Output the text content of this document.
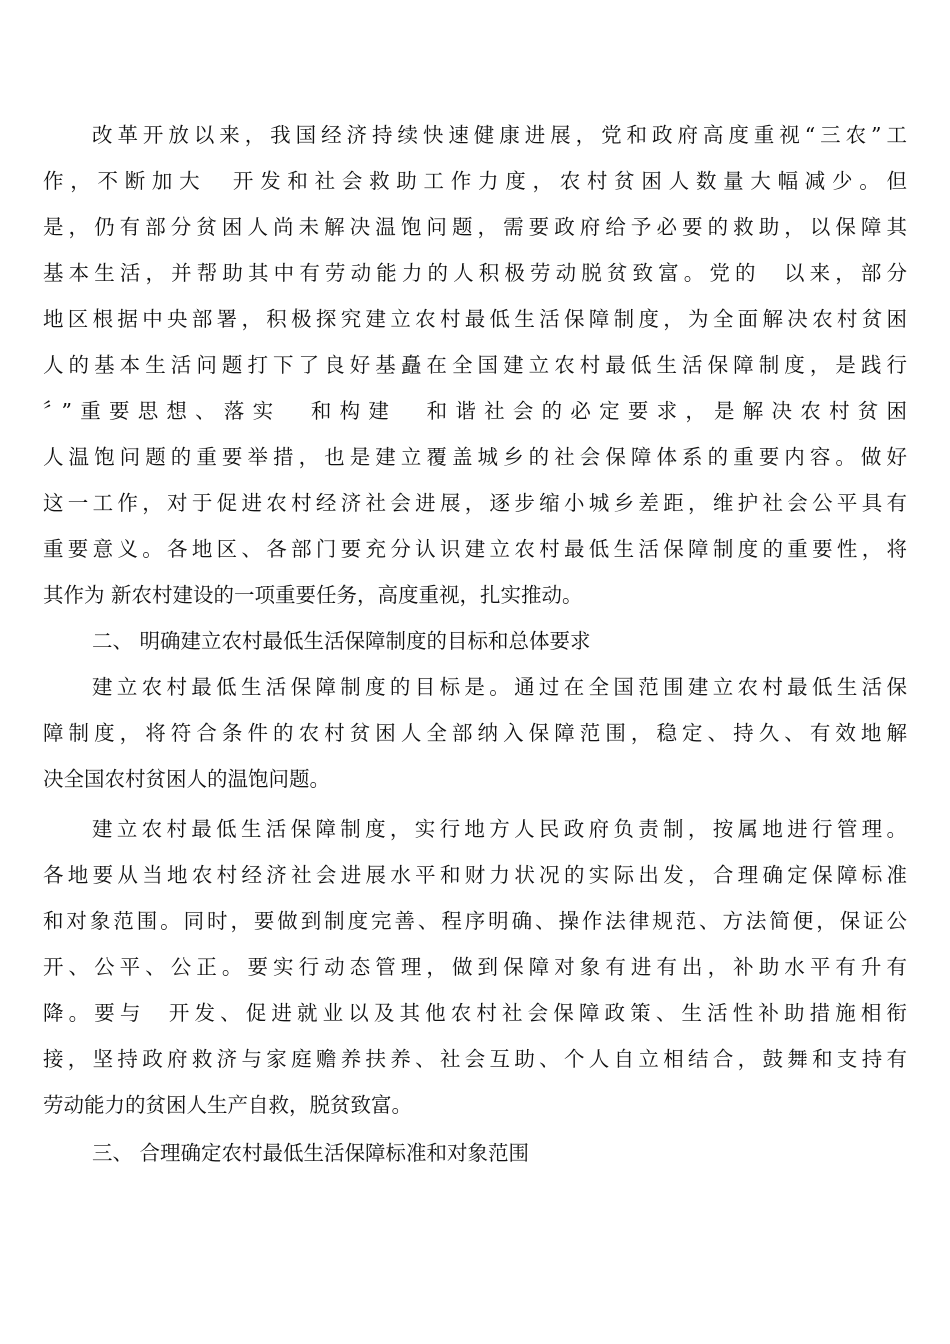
改革开放以来，我国经济持续快速健康进展，党和政府高度重视“三农”工
作，不断加大  开发和社会救助工作力度，农村贫困人数量大幅减少。但
是，仍有部分贫困人尚未解决温饱问题，需要政府给予必要的救助，以保障其
基本生活，并帮助其中有劳动能力的人积极劳动脱贫致富。党的  以来，部分
地区根据中央部署，积极探究建立农村最低生活保障制度，为全面解决农村贫困
人的基本生活问题打下了良好基矗在全国建立农村最低生活保障制度，是践行
〞”重要思想、落实  和构建  和谐社会的必定要求，是解决农村贫困
人温饱问题的重要举措，也是建立覆盖城乡的社会保障体系的重要内容。做好
这一工作，对于促进农村经济社会进展，逐步缩小城乡差距，维护社会公平具有
重要意义。各地区、各部门要充分认识建立农村最低生活保障制度的重要性，将
其作为 新农村建设的一项重要任务，高度重视，扎实推动。
二、 明确建立农村最低生活保障制度的目标和总体要求
建立农村最低生活保障制度的目标是。通过在全国范围建立农村最低生活保
障制度，将符合条件的农村贫困人全部纳入保障范围，稳定、持久、有效地解
决全国农村贫困人的温饱问题。
建立农村最低生活保障制度，实行地方人民政府负责制，按属地进行管理。
各地要从当地农村经济社会进展水平和财力状况的实际出发，合理确定保障标准
和对象范围。同时，要做到制度完善、程序明确、操作法律规范、方法简便，保证公
开、公平、公正。要实行动态管理，做到保障对象有进有出，补助水平有升有
降。要与  开发、促进就业以及其他农村社会保障政策、生活性补助措施相衔
接，坚持政府救济与家庭赡养扶养、社会互助、个人自立相结合，鼓舞和支持有
劳动能力的贫困人生产自救，脱贫致富。
三、 合理确定农村最低生活保障标准和对象范围
